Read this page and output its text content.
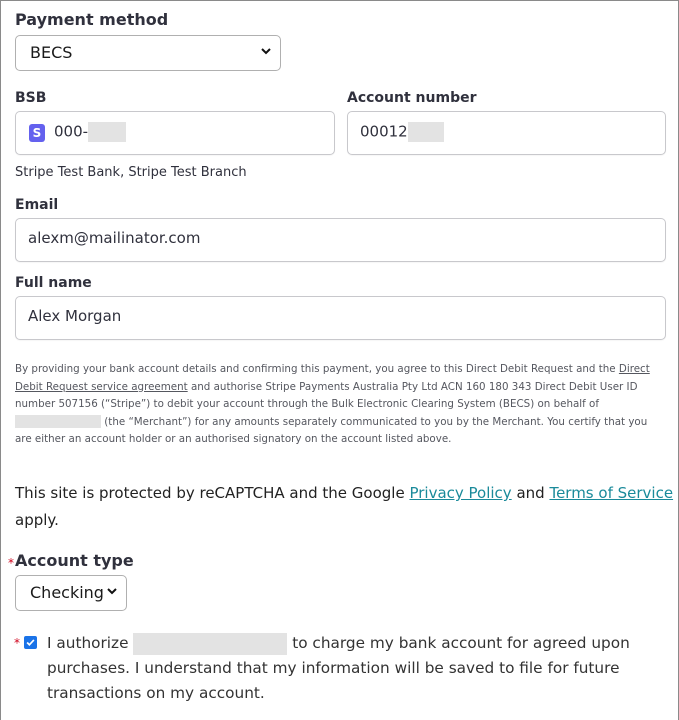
Payment method
BECS
BSB
S 000-
Account number
00012
Stripe Test Bank, Stripe Test Branch
Email
alexm@mailinator.com
Full name
Alex Morgan
By providing your bank account details and confirming this payment, you agree to this Direct Debit Request and the Direct Debit Request service agreement and authorise Stripe Payments Australia Pty Ltd ACN 160 180 343 Direct Debit User ID number 507156 (“Stripe”) to debit your account through the Bulk Electronic Clearing System (BECS) on behalf of  (the “Merchant”) for any amounts separately communicated to you by the Merchant. You certify that you are either an account holder or an authorised signatory on the account listed above.
This site is protected by reCAPTCHA and the Google Privacy Policy and Terms of Service apply.
* Account type
Checking
* I authorize	to charge my bank account for agreed upon purchases. I understand that my information will be saved to file for future transactions on my account.
